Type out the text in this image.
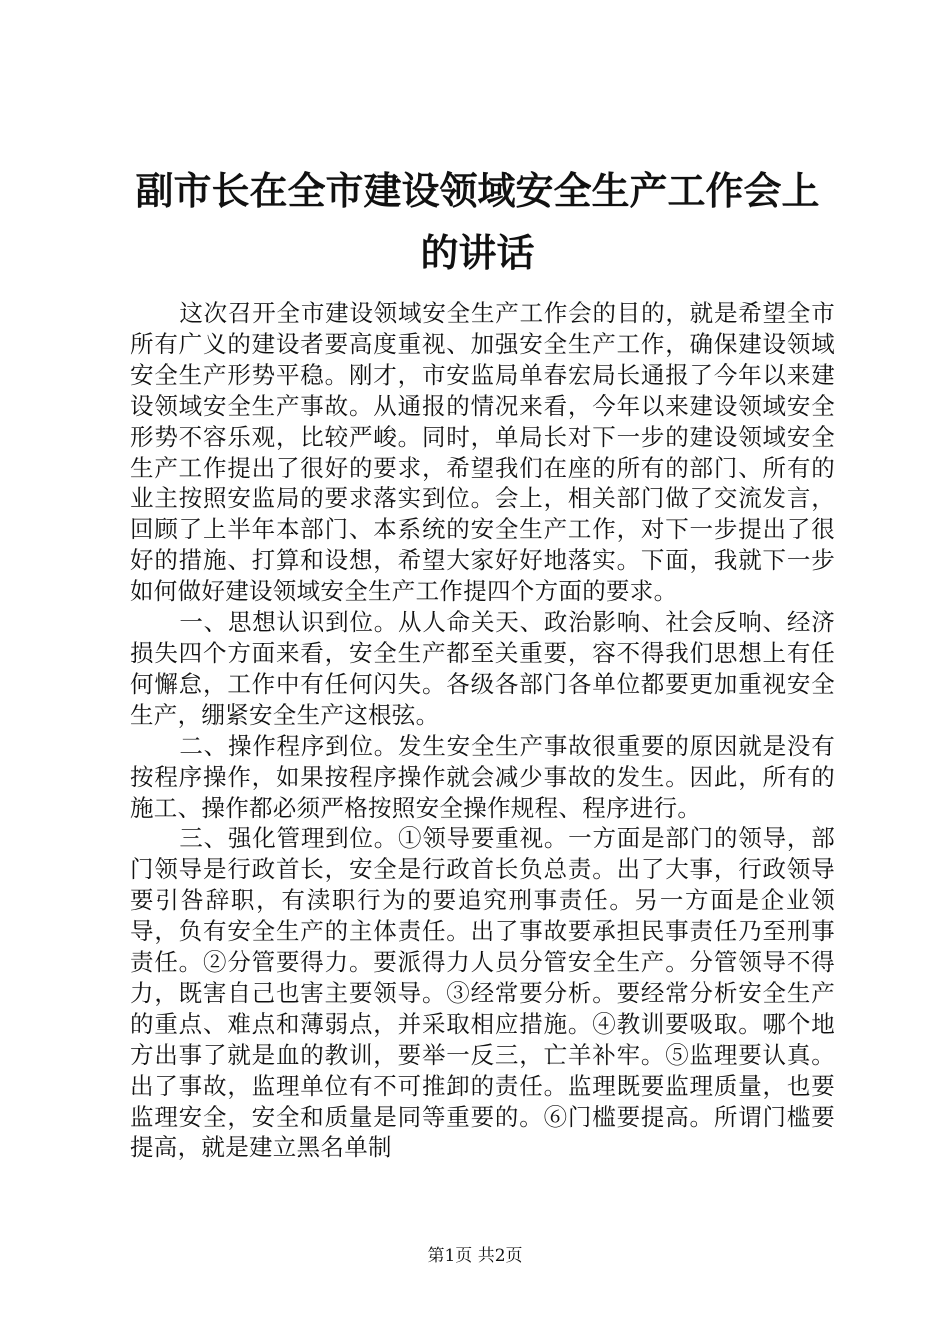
副市长在全市建设领域安全生产工作会上的讲话

这次召开全市建设领域安全生产工作会的目的，就是希望全市所有广义的建设者要高度重视、加强安全生产工作，确保建设领域安全生产形势平稳。刚才，市安监局单春宏局长通报了今年以来建设领域安全生产事故。从通报的情况来看，今年以来建设领域安全形势不容乐观，比较严峻。同时，单局长对下一步的建设领域安全生产工作提出了很好的要求，希望我们在座的所有的部门、所有的业主按照安监局的要求落实到位。会上，相关部门做了交流发言，回顾了上半年本部门、本系统的安全生产工作，对下一步提出了很好的措施、打算和设想，希望大家好好地落实。下面，我就下一步如何做好建设领域安全生产工作提四个方面的要求。

一、思想认识到位。从人命关天、政治影响、社会反响、经济损失四个方面来看，安全生产都至关重要，容不得我们思想上有任何懈怠，工作中有任何闪失。各级各部门各单位都要更加重视安全生产，绷紧安全生产这根弦。

二、操作程序到位。发生安全生产事故很重要的原因就是没有按程序操作，如果按程序操作就会减少事故的发生。因此，所有的施工、操作都必须严格按照安全操作规程、程序进行。

三、强化管理到位。①领导要重视。一方面是部门的领导，部门领导是行政首长，安全是行政首长负总责。出了大事，行政领导要引咎辞职，有渎职行为的要追究刑事责任。另一方面是企业领导，负有安全生产的主体责任。出了事故要承担民事责任乃至刑事责任。②分管要得力。要派得力人员分管安全生产。分管领导不得力，既害自己也害主要领导。③经常要分析。要经常分析安全生产的重点、难点和薄弱点，并采取相应措施。④教训要吸取。哪个地方出事了就是血的教训，要举一反三，亡羊补牢。⑤监理要认真。出了事故，监理单位有不可推卸的责任。监理既要监理质量，也要监理安全，安全和质量是同等重要的。⑥门槛要提高。所谓门槛要提高，就是建立黑名单制

第1页 共2页
